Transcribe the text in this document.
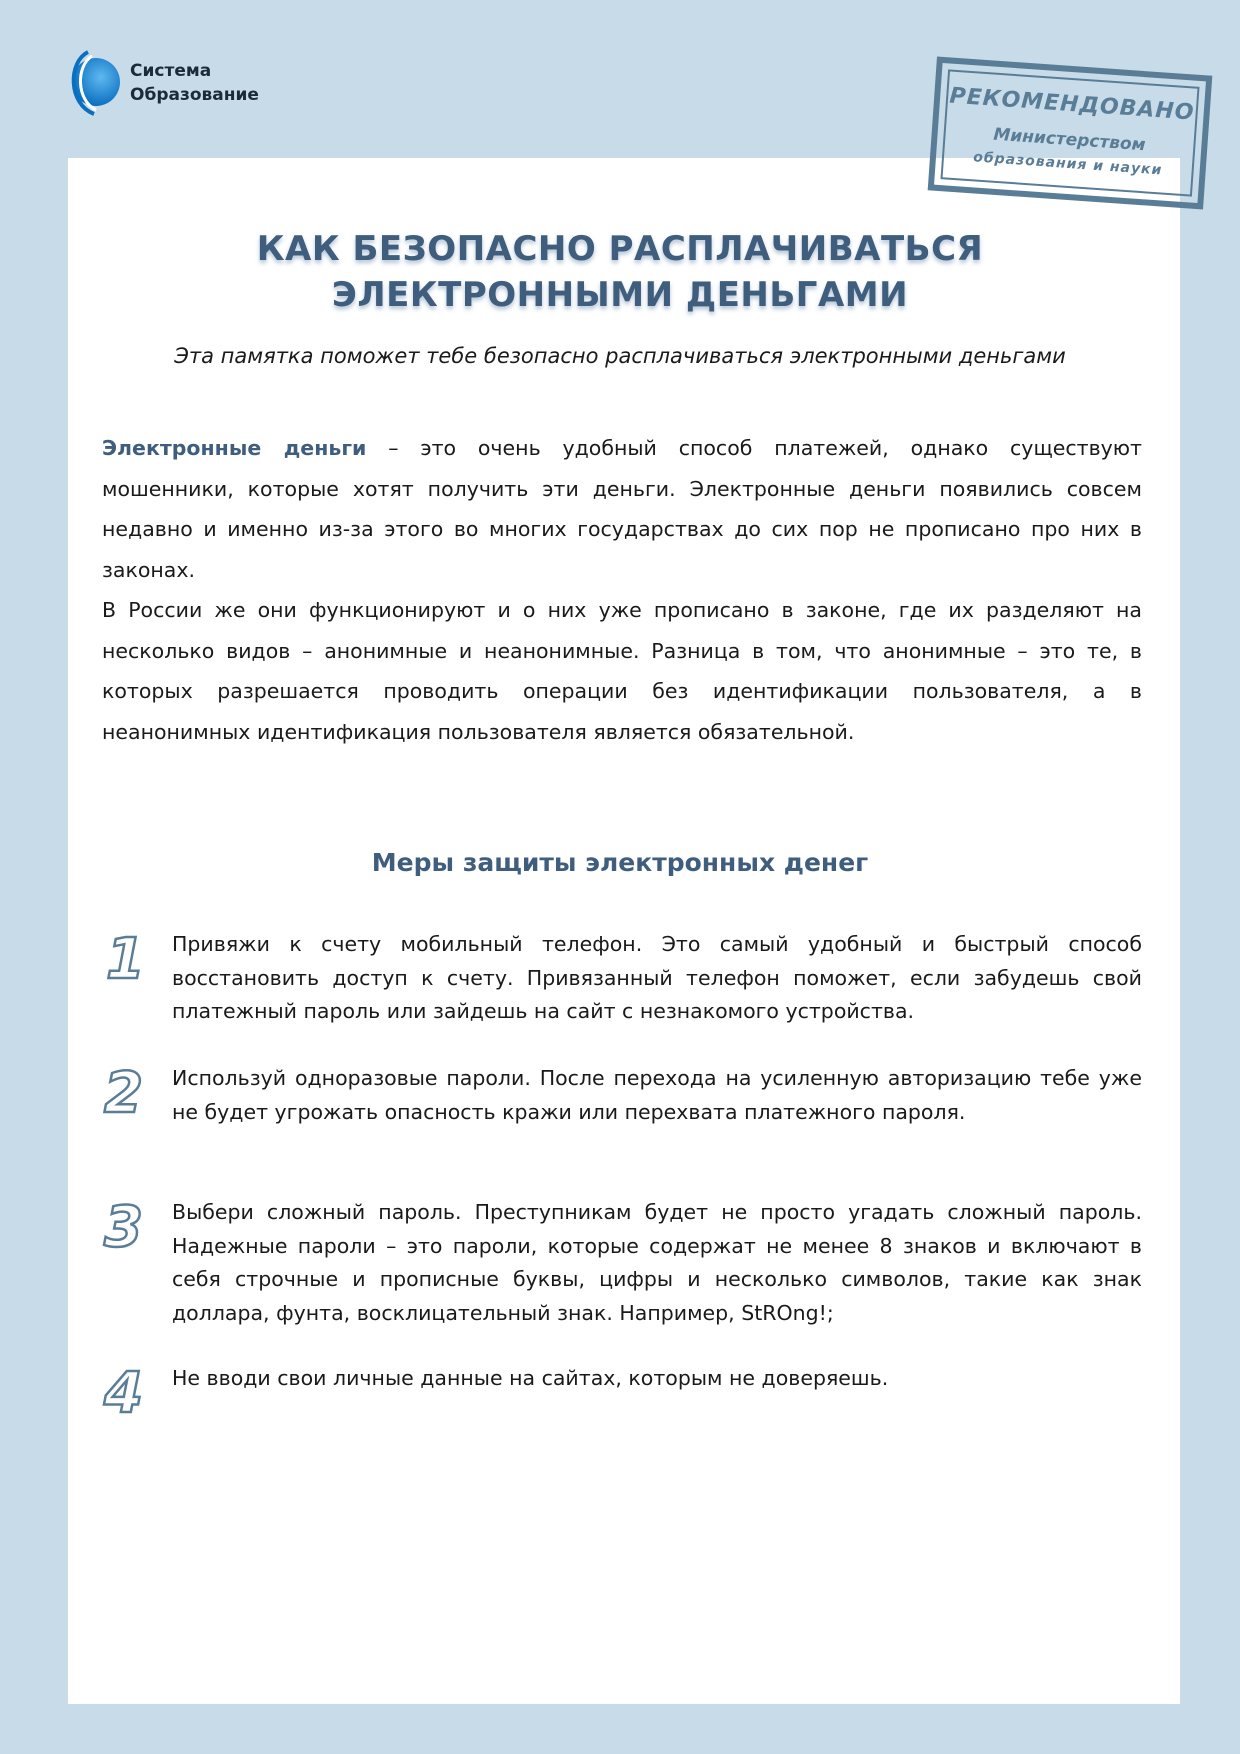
Система
Образование	РЕКОМЕНДОВАНО
Министерством
образования и науки
КАК БЕЗОПАСНО РАСПЛАЧИВАТЬСЯ
ЭЛЕКТРОННЫМИ ДЕНЬГАМИ
Эта памятка поможет тебе безопасно расплачиваться электронными деньгами

Электронные деньги – это очень удобный способ платежей, однако существуют мошенники, которые хотят получить эти деньги. Электронные деньги появились совсем недавно и именно из-за этого во многих государствах до сих пор не прописано про них в законах.

В России же они функционируют и о них уже прописано в законе, где их разделяют на несколько видов – анонимные и неанонимные. Разница в том, что анонимные – это те, в которых разрешается проводить операции без идентификации пользователя, а в неанонимных идентификация пользователя является обязательной.

Меры защиты электронных денег
1 Привяжи к счету мобильный телефон. Это самый удобный и быстрый способ восстановить доступ к счету. Привязанный телефон поможет, если забудешь свой платежный пароль или зайдешь на сайт с незнакомого устройства.
2 Используй одноразовые пароли. После перехода на усиленную авторизацию тебе уже не будет угрожать опасность кражи или перехвата платежного пароля.
3 Выбери сложный пароль. Преступникам будет не просто угадать сложный пароль. Надежные пароли – это пароли, которые содержат не менее 8 знаков и включают в себя строчные и прописные буквы, цифры и несколько символов, такие как знак доллара, фунта, восклицательный знак. Например, StROng!;
4 Не вводи свои личные данные на сайтах, которым не доверяешь.
